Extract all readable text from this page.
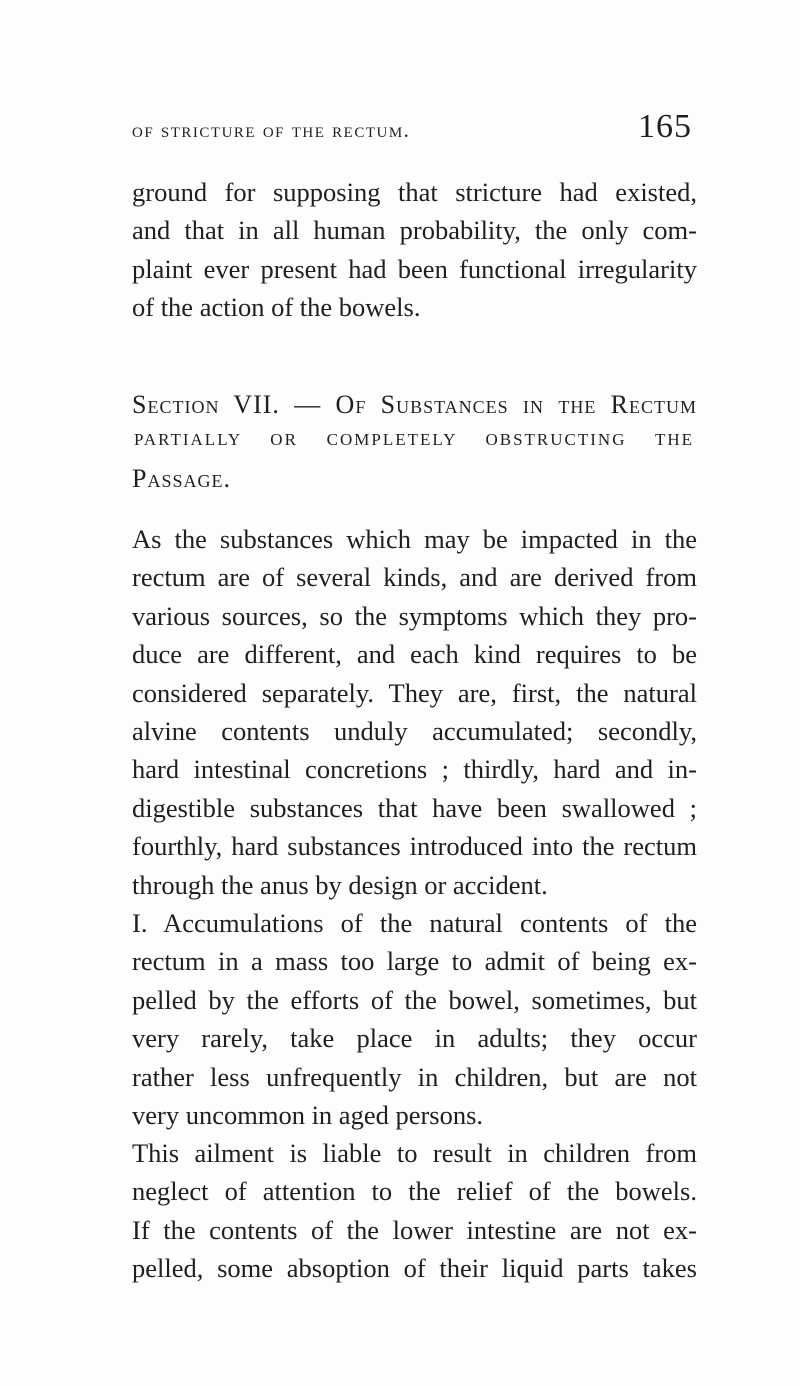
of stricture of the rectum.	165
ground for supposing that stricture had existed,
and that in all human probability, the only com-
plaint ever present had been functional irregularity
of the action of the bowels.
Section VII. — Of Substances in the Rectum
PARTIALLY OR COMPLETELY OBSTRUCTING THE
Passage.
As the substances which may be impacted in the
rectum are of several kinds, and are derived from
various sources, so the symptoms which they pro-
duce are different, and each kind requires to be
considered separately. They are, first, the natural
alvine contents unduly accumulated; secondly,
hard intestinal concretions ; thirdly, hard and in-
digestible substances that have been swallowed ;
fourthly, hard substances introduced into the rectum
through the anus by design or accident.
I. Accumulations of the natural contents of the
rectum in a mass too large to admit of being ex-
pelled by the efforts of the bowel, sometimes, but
very rarely, take place in adults; they occur
rather less unfrequently in children, but are not
very uncommon in aged persons.
This ailment is liable to result in children from
neglect of attention to the relief of the bowels.
If the contents of the lower intestine are not ex-
pelled, some absoption of their liquid parts takes
